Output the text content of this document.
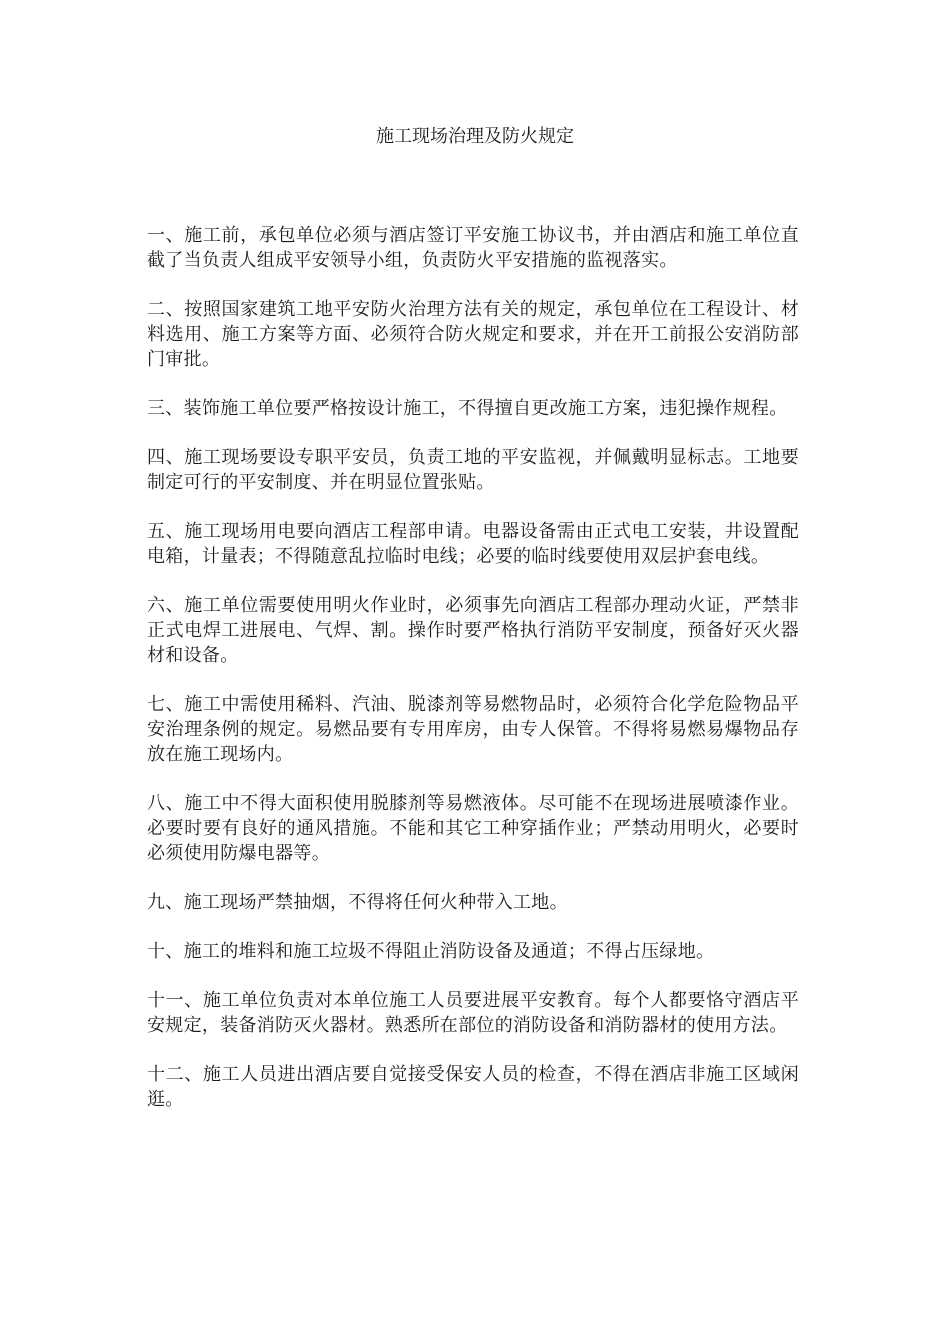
施工现场治理及防火规定

一、施工前，承包单位必须与酒店签订平安施工协议书，并由酒店和施工单位直截了当负责人组成平安领导小组，负责防火平安措施的监视落实。

二、按照国家建筑工地平安防火治理方法有关的规定，承包单位在工程设计、材料选用、施工方案等方面、必须符合防火规定和要求，并在开工前报公安消防部门审批。

三、装饰施工单位要严格按设计施工，不得擅自更改施工方案，违犯操作规程。

四、施工现场要设专职平安员，负责工地的平安监视，并佩戴明显标志。工地要制定可行的平安制度、并在明显位置张贴。

五、施工现场用电要向酒店工程部申请。电器设备需由正式电工安装，井设置配电箱，计量表；不得随意乱拉临时电线；必要的临时线要使用双层护套电线。

六、施工单位需要使用明火作业时，必须事先向酒店工程部办理动火证，严禁非正式电焊工进展电、气焊、割。操作时要严格执行消防平安制度，预备好灭火器材和设备。

七、施工中需使用稀料、汽油、脱漆剂等易燃物品时，必须符合化学危险物品平安治理条例的规定。易燃品要有专用库房，由专人保管。不得将易燃易爆物品存放在施工现场内。

八、施工中不得大面积使用脱膝剂等易燃液体。尽可能不在现场进展喷漆作业。必要时要有良好的通风措施。不能和其它工种穿插作业；严禁动用明火，必要时必须使用防爆电器等。

九、施工现场严禁抽烟，不得将任何火种带入工地。

十、施工的堆料和施工垃圾不得阻止消防设备及通道；不得占压绿地。

十一、施工单位负责对本单位施工人员要进展平安教育。每个人都要恪守酒店平安规定，装备消防灭火器材。熟悉所在部位的消防设备和消防器材的使用方法。

十二、施工人员进出酒店要自觉接受保安人员的检查，不得在酒店非施工区域闲逛。
